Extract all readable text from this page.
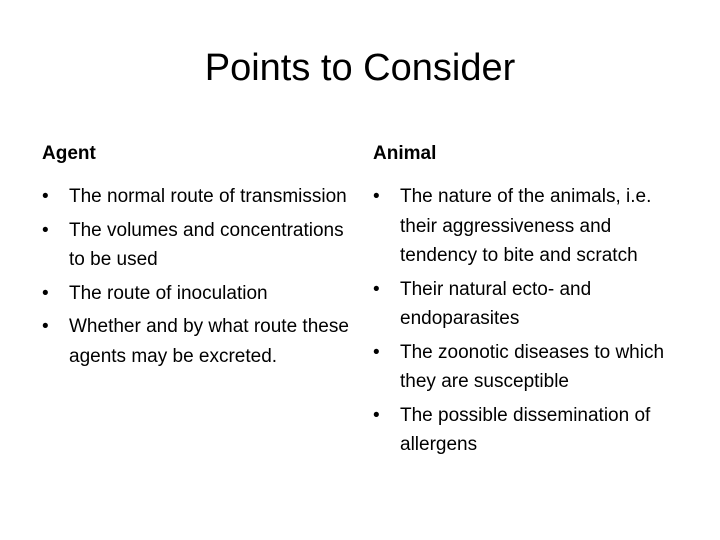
Points to Consider
Agent
•	The normal route of transmission
•	The volumes and concentrations to be used
•	The route of inoculation
•	Whether and by what route these agents may be excreted.
Animal
•	The nature of the animals, i.e. their aggressiveness and tendency to bite and scratch
•	Their natural ecto- and endoparasites
•	The zoonotic diseases to which they are susceptible
•	The possible dissemination of allergens
